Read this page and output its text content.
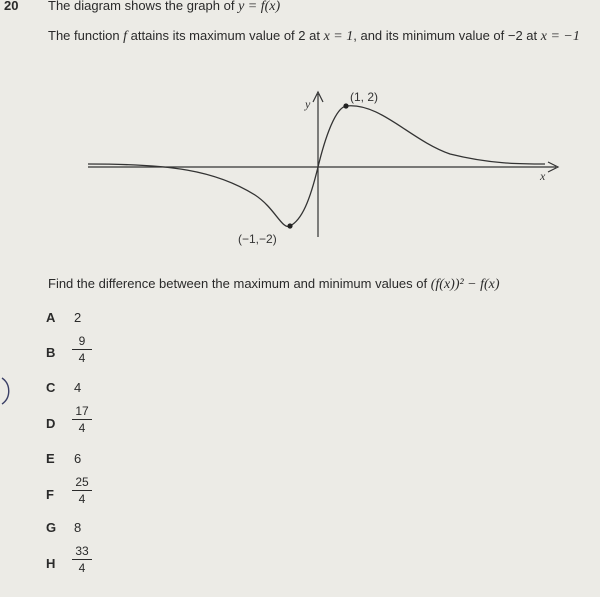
20 The diagram shows the graph of y = f(x)
The function f attains its maximum value of 2 at x = 1, and its minimum value of −2 at x = −1
y
x
(1, 2)
(−1,−2)
Find the difference between the maximum and minimum values of (f(x))² − f(x)
A 2
B
9
4
C 4
D
17
4
E 6
F
25
4
G 8
H
33
4
